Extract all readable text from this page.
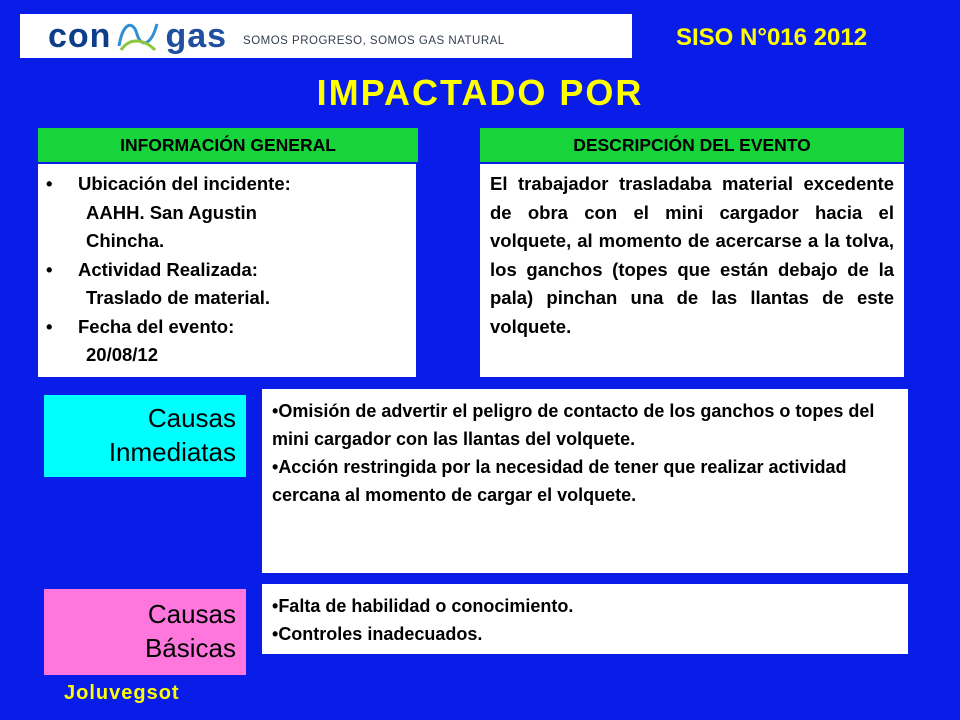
con gas SOMOS PROGRESO, SOMOS GAS NATURAL	SISO N°016 2012
IMPACTADO POR
INFORMACIÓN GENERAL
• Ubicación del incidente:
AAHH. San Agustin
Chincha.
• Actividad Realizada:
Traslado de material.
• Fecha del evento:
20/08/12
DESCRIPCIÓN DEL EVENTO

El trabajador trasladaba material excedente de obra con el mini cargador hacia el volquete, al momento de acercarse a la tolva, los ganchos (topes que están debajo de la pala) pinchan una de las llantas de este volquete.

Causas
Inmediatas
• Omisión de advertir el peligro de contacto de los ganchos o topes del mini cargador con las llantas del volquete.
• Acción restringida por la necesidad de tener que realizar actividad cercana al momento de cargar el volquete.
Causas
Básicas
• Falta de habilidad o conocimiento.
• Controles inadecuados.
Joluvegsot
